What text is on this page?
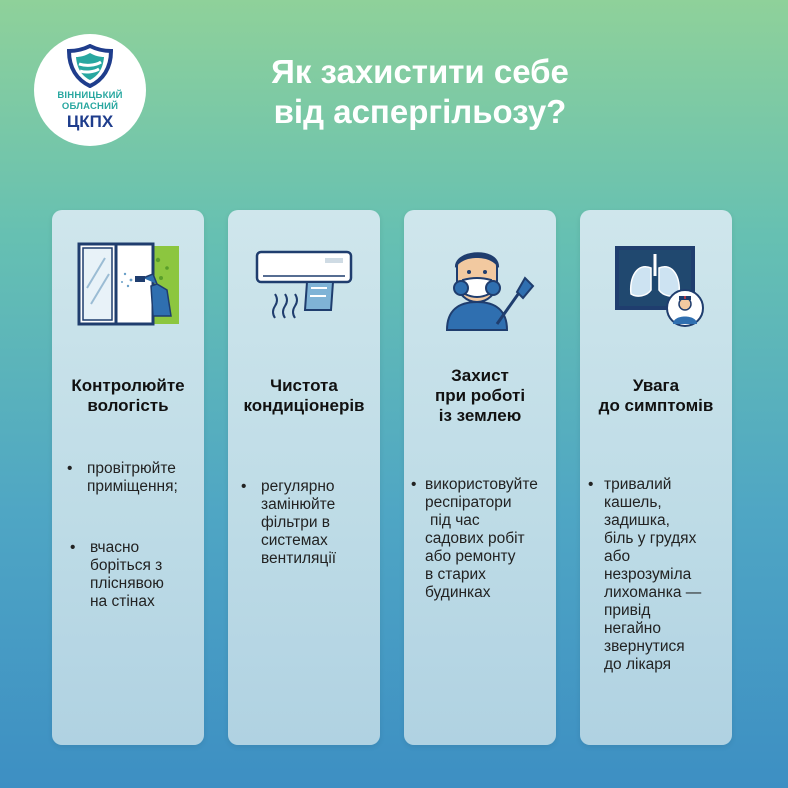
ВІННИЦЬКИЙ
ОБЛАСНИЙ
ЦКПХ
Як захистити себе
від аспергільозу?
Контролюйте
вологість
• провітрюйте
приміщення;
• вчасно
боріться з
пліснявою
на стінах
Чистота
кондиціонерів
• регулярно
замінюйте
фільтри в
системах
вентиляції
Захист
при роботі
із землею
• використовуйте
респіратори
під час
садових робіт
або ремонту
в старих
будинках
Увага
до симптомів
• тривалий
кашель,
задишка,
біль у грудях
або
незрозуміла
лихоманка —
привід
негайно
звернутися
до лікаря
